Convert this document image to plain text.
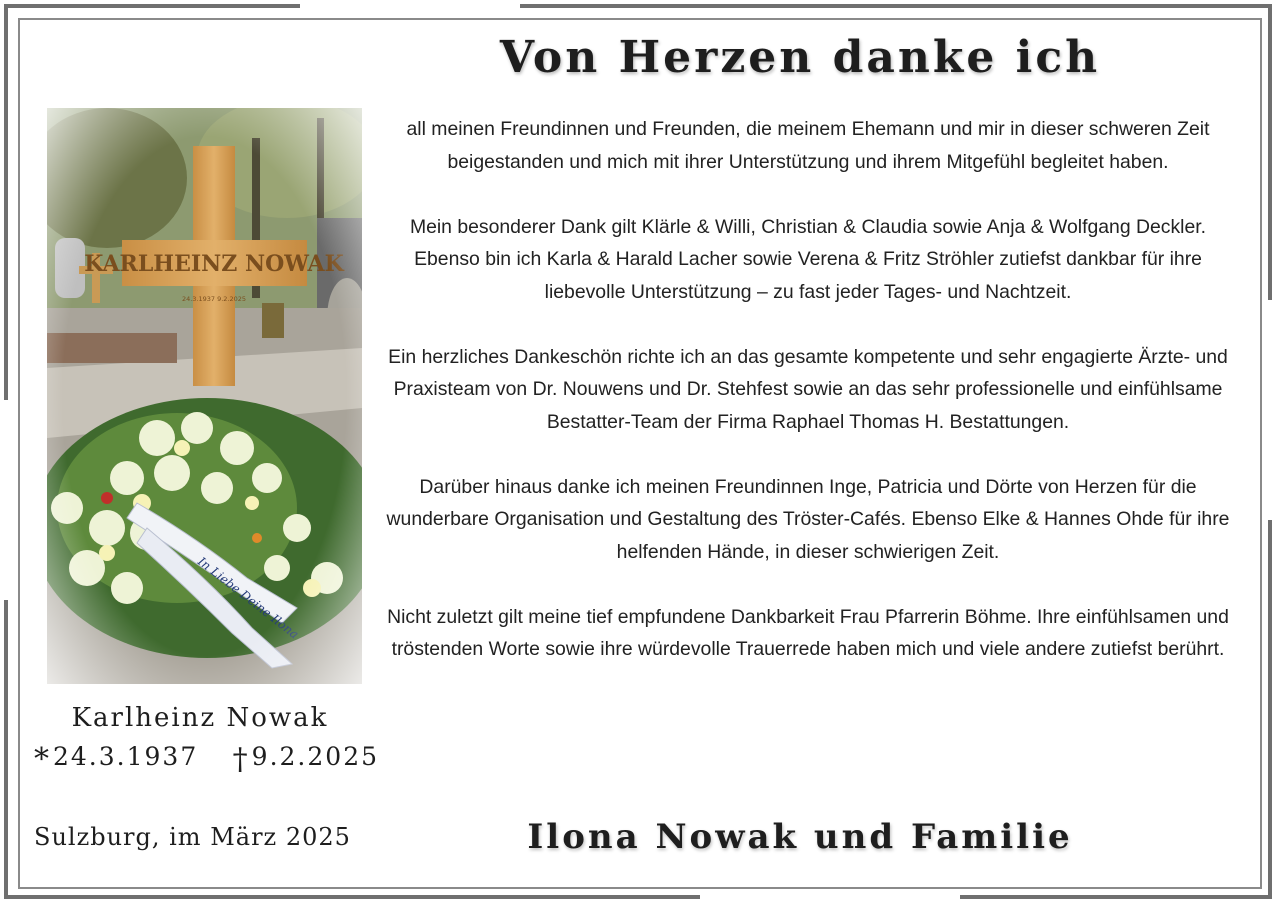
Von Herzen danke ich

all meinen Freundinnen und Freunden, die meinem Ehemann und mir in dieser schweren Zeit beigestanden und mich mit ihrer Unterstützung und ihrem Mitgefühl begleitet haben.

Mein besonderer Dank gilt Klärle & Willi, Christian & Claudia sowie Anja & Wolfgang Deckler. Ebenso bin ich Karla & Harald Lacher sowie Verena & Fritz Ströhler zutiefst dankbar für ihre liebevolle Unterstützung – zu fast jeder Tages- und Nachtzeit.

Ein herzliches Dankeschön richte ich an das gesamte kompetente und sehr engagierte Ärzte- und Praxisteam von Dr. Nouwens und Dr. Stehfest sowie an das sehr professionelle und einfühlsame Bestatter-Team der Firma Raphael Thomas H. Bestattungen.

Darüber hinaus danke ich meinen Freundinnen Inge, Patricia und Dörte von Herzen für die wunderbare Organisation und Gestaltung des Tröster-Cafés. Ebenso Elke & Hannes Ohde für ihre helfenden Hände, in dieser schwierigen Zeit.

Nicht zuletzt gilt meine tief empfundene Dankbarkeit Frau Pfarrerin Böhme. Ihre einfühlsamen und tröstenden Worte sowie ihre würdevolle Trauerrede haben mich und viele andere zutiefst berührt.

Karlheinz Nowak
*24.3.1937 †9.2.2025
Sulzburg, im März 2025	Ilona Nowak und Familie
